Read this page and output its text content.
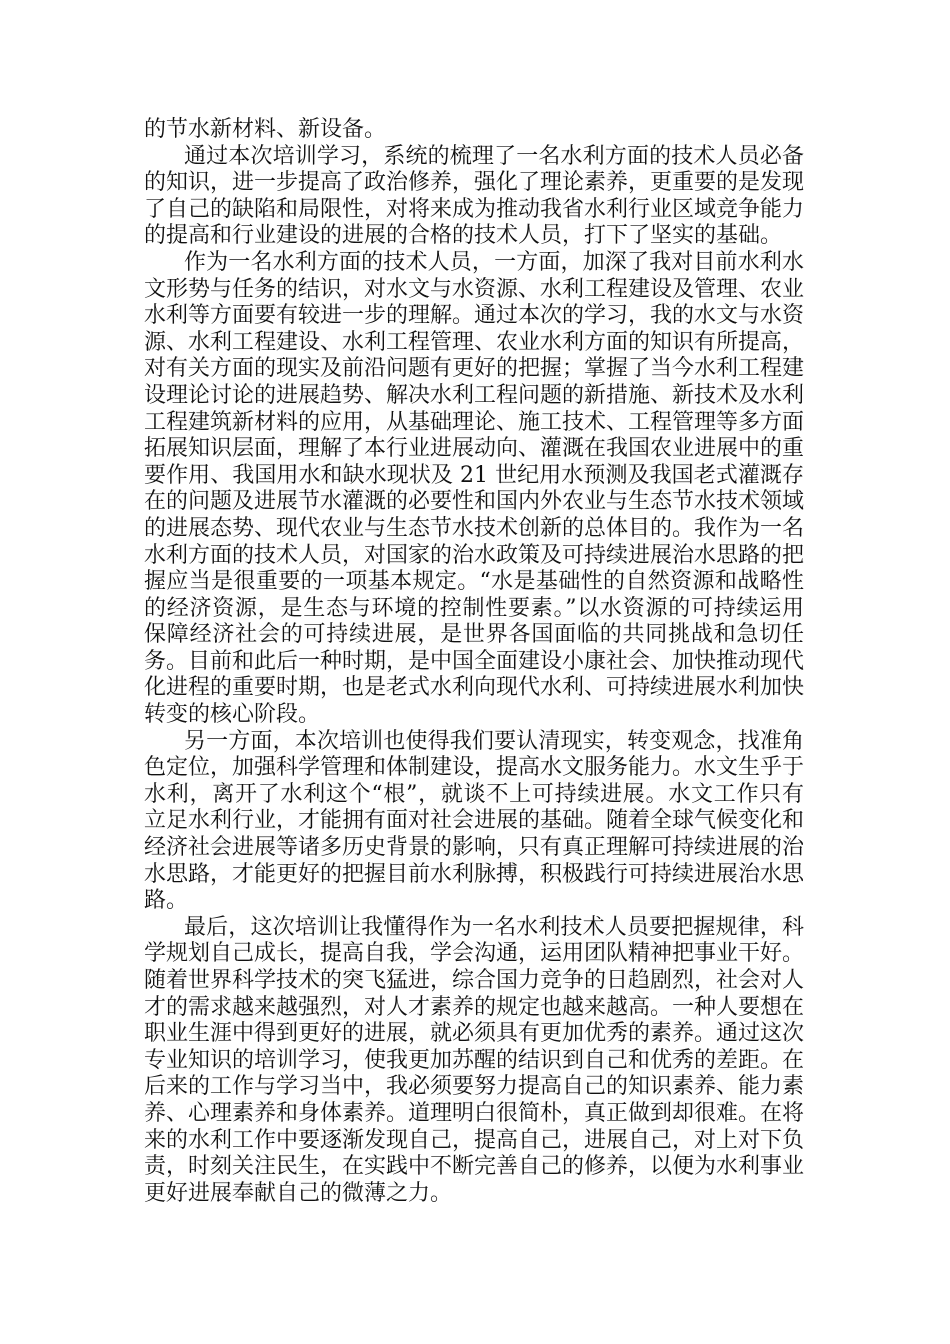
的节水新材料、新设备。

通过本次培训学习，系统的梳理了一名水利方面的技术人员必备的知识，进一步提高了政治修养，强化了理论素养，更重要的是发现了自己的缺陷和局限性，对将来成为推动我省水利行业区域竞争能力的提高和行业建设的进展的合格的技术人员，打下了坚实的基础。

作为一名水利方面的技术人员，一方面，加深了我对目前水利水文形势与任务的结识，对水文与水资源、水利工程建设及管理、农业水利等方面要有较进一步的理解。通过本次的学习，我的水文与水资源、水利工程建设、水利工程管理、农业水利方面的知识有所提高，对有关方面的现实及前沿问题有更好的把握；掌握了当今水利工程建设理论讨论的进展趋势、解决水利工程问题的新措施、新技术及水利工程建筑新材料的应用，从基础理论、施工技术、工程管理等多方面拓展知识层面，理解了本行业进展动向、灌溉在我国农业进展中的重要作用、我国用水和缺水现状及 21 世纪用水预测及我国老式灌溉存在的问题及进展节水灌溉的必要性和国内外农业与生态节水技术领域的进展态势、现代农业与生态节水技术创新的总体目的。我作为一名水利方面的技术人员，对国家的治水政策及可持续进展治水思路的把握应当是很重要的一项基本规定。“水是基础性的自然资源和战略性的经济资源，是生态与环境的控制性要素。”以水资源的可持续运用保障经济社会的可持续进展，是世界各国面临的共同挑战和急切任务。目前和此后一种时期，是中国全面建设小康社会、加快推动现代化进程的重要时期，也是老式水利向现代水利、可持续进展水利加快转变的核心阶段。

另一方面，本次培训也使得我们要认清现实，转变观念，找准角色定位，加强科学管理和体制建设，提高水文服务能力。水文生乎于水利，离开了水利这个“根”，就谈不上可持续进展。水文工作只有立足水利行业，才能拥有面对社会进展的基础。随着全球气候变化和经济社会进展等诸多历史背景的影响，只有真正理解可持续进展的治水思路，才能更好的把握目前水利脉搏，积极践行可持续进展治水思路。

最后，这次培训让我懂得作为一名水利技术人员要把握规律，科学规划自己成长，提高自我，学会沟通，运用团队精神把事业干好。随着世界科学技术的突飞猛进，综合国力竞争的日趋剧烈，社会对人才的需求越来越强烈，对人才素养的规定也越来越高。一种人要想在职业生涯中得到更好的进展，就必须具有更加优秀的素养。通过这次专业知识的培训学习，使我更加苏醒的结识到自己和优秀的差距。在后来的工作与学习当中，我必须要努力提高自己的知识素养、能力素养、心理素养和身体素养。道理明白很简朴，真正做到却很难。在将来的水利工作中要逐渐发现自己，提高自己，进展自己，对上对下负责，时刻关注民生，在实践中不断完善自己的修养，以便为水利事业更好进展奉献自己的微薄之力。
